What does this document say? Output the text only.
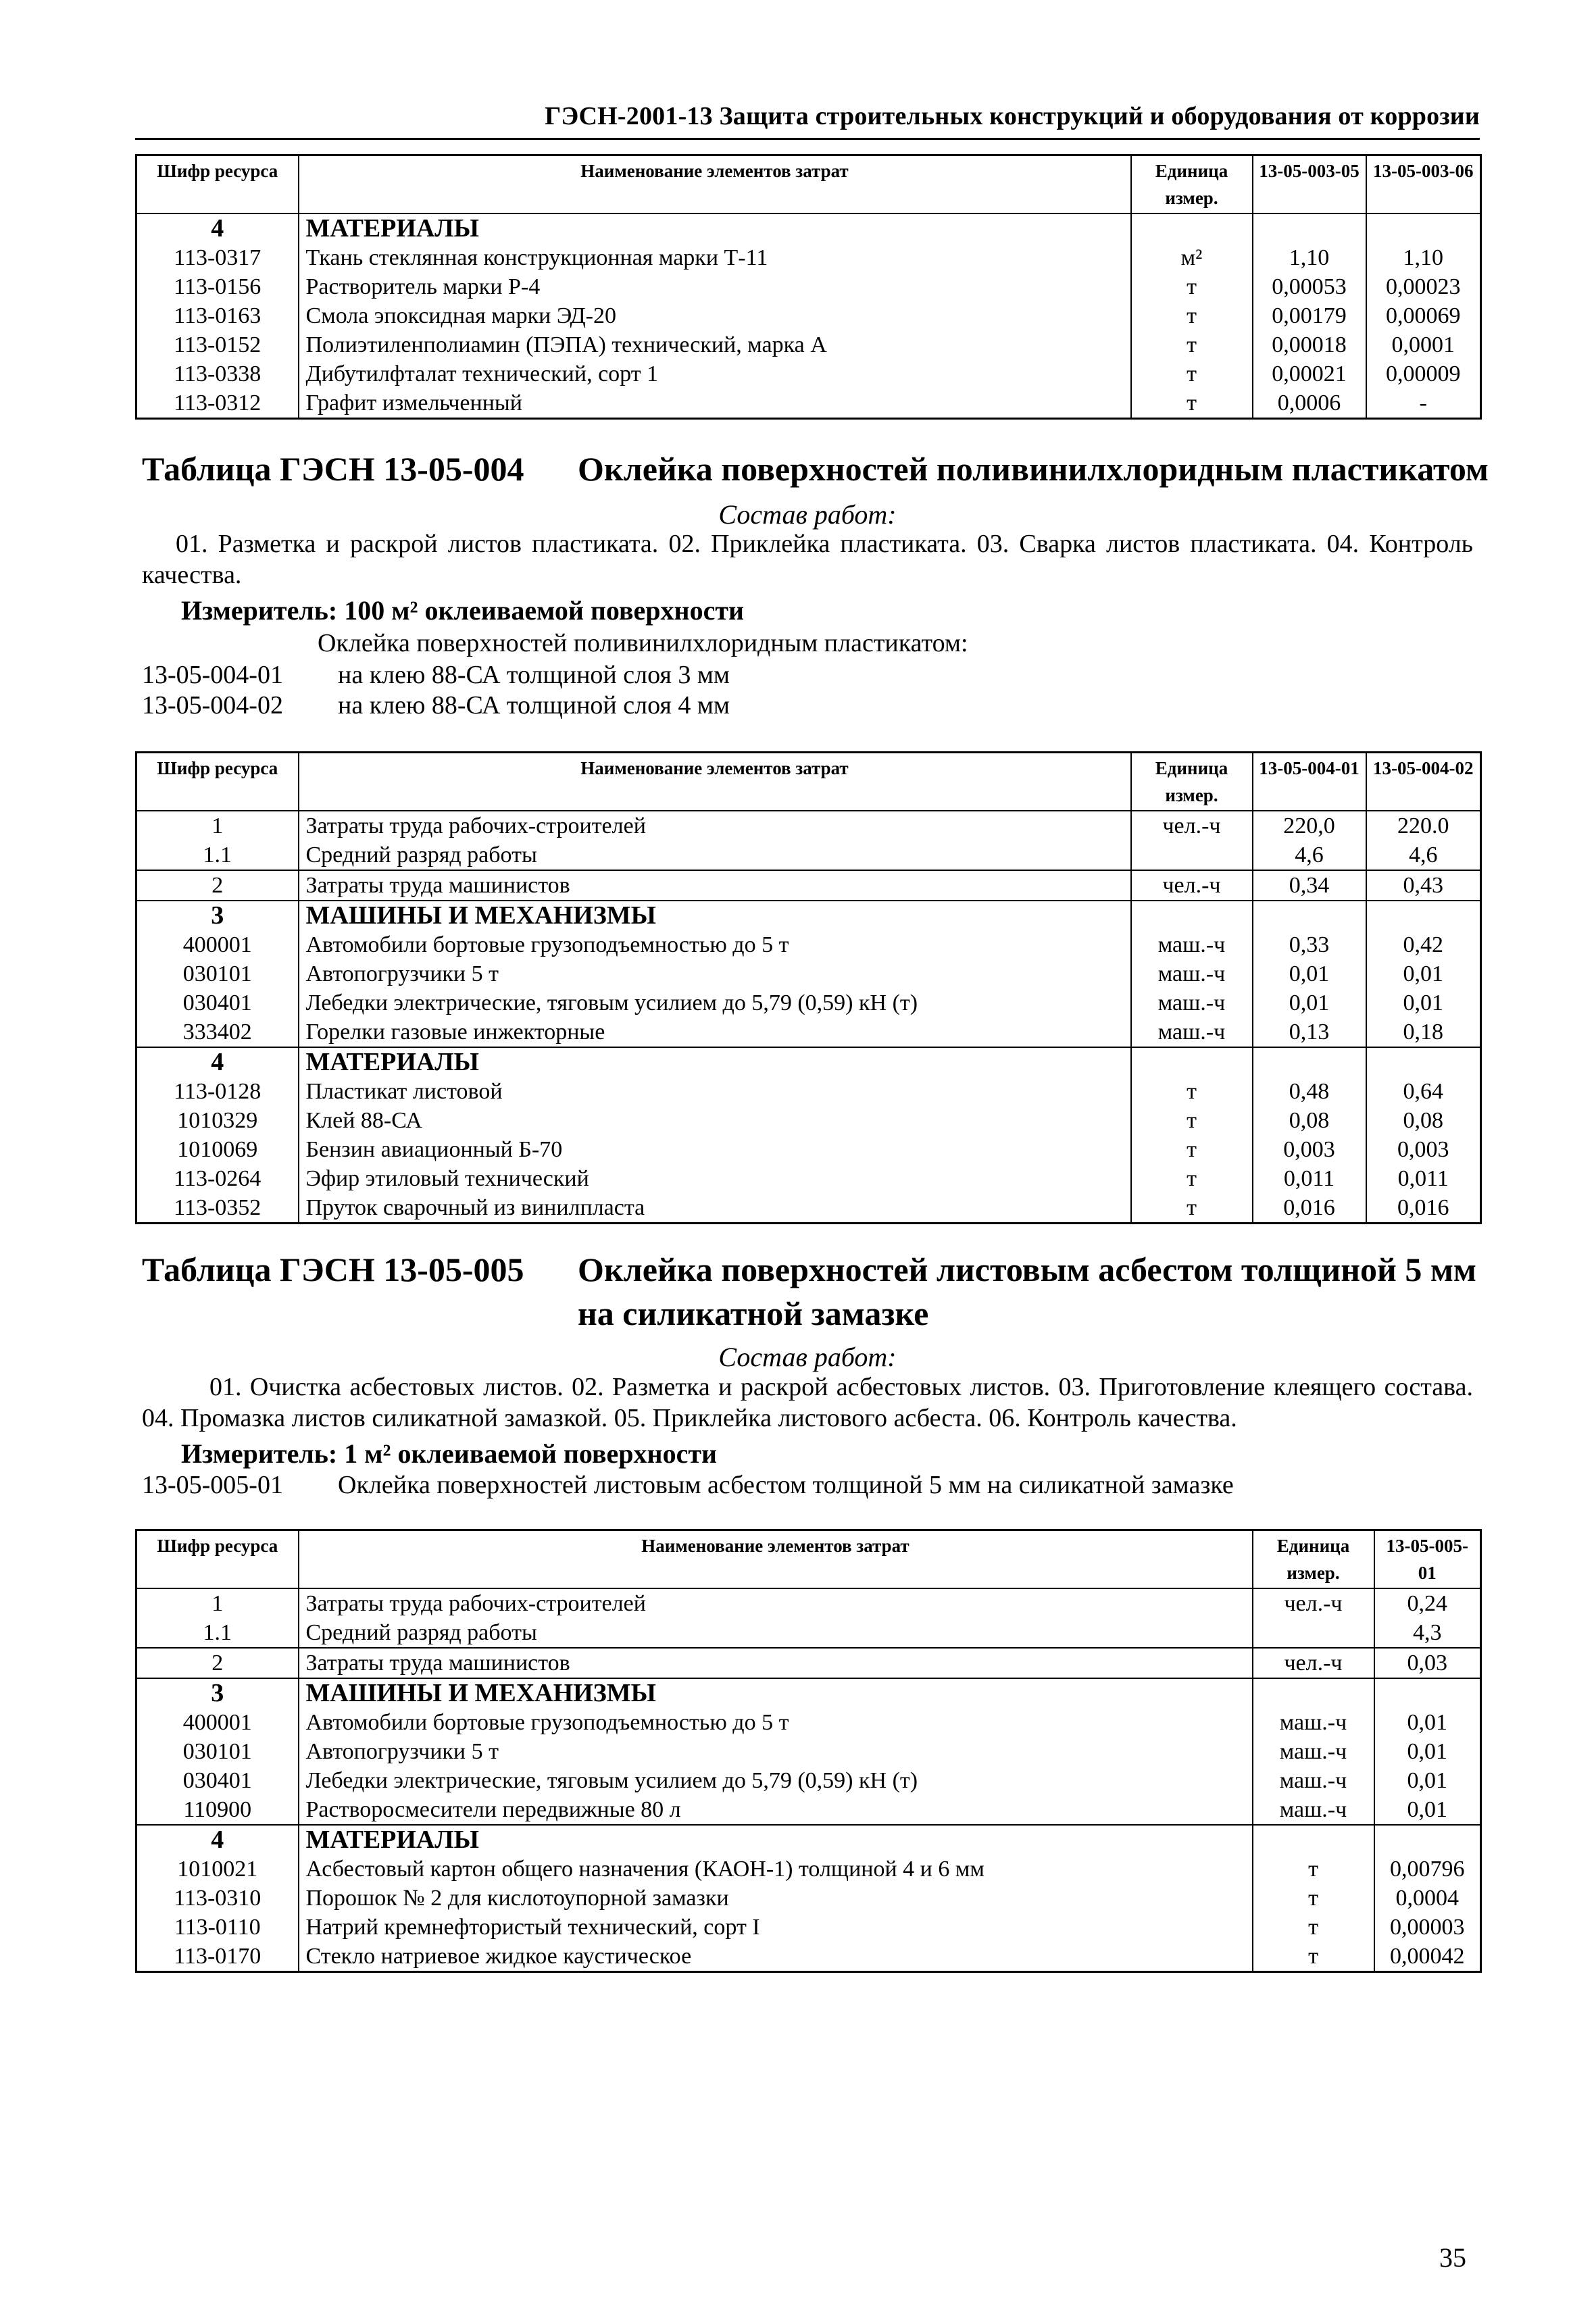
ГЭСН-2001-13 Защита строительных конструкций и оборудования от коррозии
Шифр ресурса	Наименование элементов затрат	Единица измер.	13-05-003-05	13-05-003-06

4	МАТЕРИАЛЫ			
113-0317	Ткань стеклянная конструкционная марки Т-11	м²	1,10	1,10
113-0156	Растворитель марки Р-4	т	0,00053	0,00023
113-0163	Смола эпоксидная марки ЭД-20	т	0,00179	0,00069
113-0152	Полиэтиленполиамин (ПЭПА) технический, марка А	т	0,00018	0,0001
113-0338	Дибутилфталат технический, сорт 1	т	0,00021	0,00009
113-0312	Графит измельченный	т	0,0006	-
Таблица ГЭСН 13-05-004 Оклейка поверхностей поливинилхлоридным пластикатом
Состав работ:
01. Разметка и раскрой листов пластиката. 02. Приклейка пластиката. 03. Сварка листов пластиката. 04. Контроль качества.
Измеритель: 100 м² оклеиваемой поверхности
Оклейка поверхностей поливинилхлоридным пластикатом:
13-05-004-01 на клею 88-СА толщиной слоя 3 мм
13-05-004-02 на клею 88-СА толщиной слоя 4 мм
Шифр ресурса	Наименование элементов затрат	Единица измер.	13-05-004-01	13-05-004-02

1	Затраты труда рабочих-строителей	чел.-ч	220,0	220.0
1.1	Средний разряд работы		4,6	4,6
2	Затраты труда машинистов	чел.-ч	0,34	0,43
3	МАШИНЫ И МЕХАНИЗМЫ			
400001	Автомобили бортовые грузоподъемностью до 5 т	маш.-ч	0,33	0,42
030101	Автопогрузчики 5 т	маш.-ч	0,01	0,01
030401	Лебедки электрические, тяговым усилием до 5,79 (0,59) кН (т)	маш.-ч	0,01	0,01
333402	Горелки газовые инжекторные	маш.-ч	0,13	0,18
4	МАТЕРИАЛЫ			
113-0128	Пластикат листовой	т	0,48	0,64
1010329	Клей 88-СА	т	0,08	0,08
1010069	Бензин авиационный Б-70	т	0,003	0,003
113-0264	Эфир этиловый технический	т	0,011	0,011
113-0352	Пруток сварочный из винилпласта	т	0,016	0,016
Таблица ГЭСН 13-05-005 Оклейка поверхностей листовым асбестом толщиной 5 мм
на силикатной замазке
Состав работ:
01. Очистка асбестовых листов. 02. Разметка и раскрой асбестовых листов. 03. Приготовление клеящего состава. 04. Промазка листов силикатной замазкой. 05. Приклейка листового асбеста. 06. Контроль качества.
Измеритель: 1 м² оклеиваемой поверхности
13-05-005-01 Оклейка поверхностей листовым асбестом толщиной 5 мм на силикатной замазке
Шифр ресурса	Наименование элементов затрат	Единица измер.	13-05-005-01

1	Затраты труда рабочих-строителей	чел.-ч	0,24
1.1	Средний разряд работы		4,3
2	Затраты труда машинистов	чел.-ч	0,03
3	МАШИНЫ И МЕХАНИЗМЫ		
400001	Автомобили бортовые грузоподъемностью до 5 т	маш.-ч	0,01
030101	Автопогрузчики 5 т	маш.-ч	0,01
030401	Лебедки электрические, тяговым усилием до 5,79 (0,59) кН (т)	маш.-ч	0,01
110900	Растворосмесители передвижные 80 л	маш.-ч	0,01
4	МАТЕРИАЛЫ		
1010021	Асбестовый картон общего назначения (КАОН-1) толщиной 4 и 6 мм	т	0,00796
113-0310	Порошок № 2 для кислотоупорной замазки	т	0,0004
113-0110	Натрий кремнефтористый технический, сорт I	т	0,00003
113-0170	Стекло натриевое жидкое каустическое	т	0,00042
35
